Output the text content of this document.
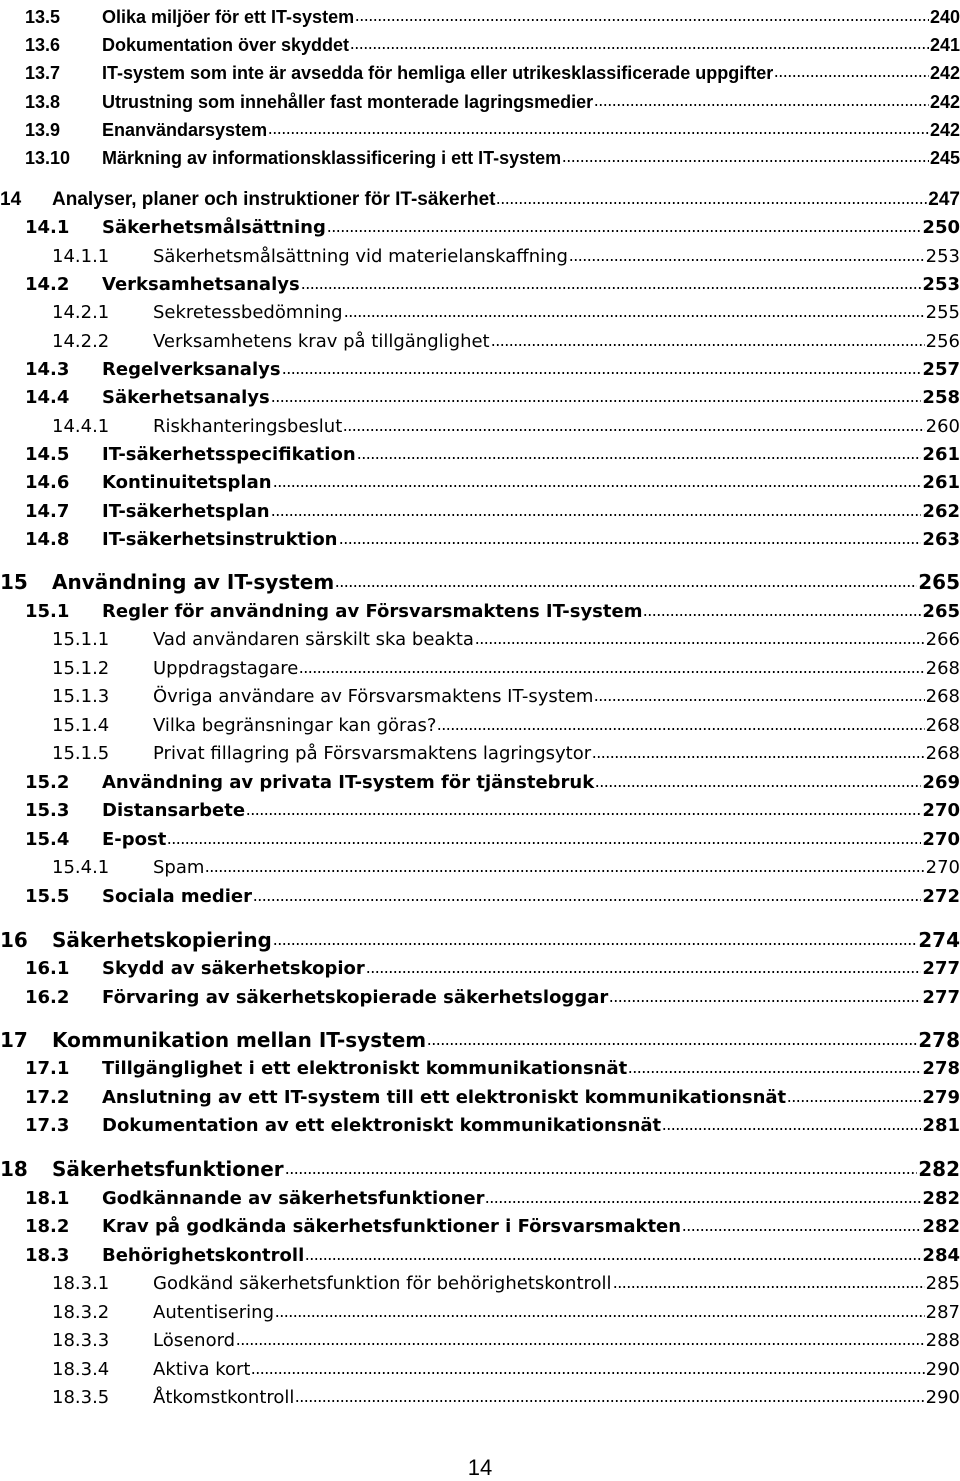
13.5	Olika miljöer för ett IT-system	240
13.6	Dokumentation över skyddet	241
13.7	IT-system som inte är avsedda för hemliga eller utrikesklassificerade uppgifter	242
13.8	Utrustning som innehåller fast monterade lagringsmedier	242
13.9	Enanvändarsystem	242
13.10	Märkning av informationsklassificering i ett IT-system	245
14	Analyser, planer och instruktioner för IT-säkerhet	247
14.1	Säkerhetsmålsättning	250
14.1.1	Säkerhetsmålsättning vid materielanskaffning	253
14.2	Verksamhetsanalys	253
14.2.1	Sekretessbedömning	255
14.2.2	Verksamhetens krav på tillgänglighet	256
14.3	Regelverksanalys	257
14.4	Säkerhetsanalys	258
14.4.1	Riskhanteringsbeslut	260
14.5	IT-säkerhetsspecifikation	261
14.6	Kontinuitetsplan	261
14.7	IT-säkerhetsplan	262
14.8	IT-säkerhetsinstruktion	263
15	Användning av IT-system	265
15.1	Regler för användning av Försvarsmaktens IT-system	265
15.1.1	Vad användaren särskilt ska beakta	266
15.1.2	Uppdragstagare	268
15.1.3	Övriga användare av Försvarsmaktens IT-system	268
15.1.4	Vilka begränsningar kan göras?	268
15.1.5	Privat fillagring på Försvarsmaktens lagringsytor	268
15.2	Användning av privata IT-system för tjänstebruk	269
15.3	Distansarbete	270
15.4	E-post	270
15.4.1	Spam	270
15.5	Sociala medier	272
16	Säkerhetskopiering	274
16.1	Skydd av säkerhetskopior	277
16.2	Förvaring av säkerhetskopierade säkerhetsloggar	277
17	Kommunikation mellan IT-system	278
17.1	Tillgänglighet i ett elektroniskt kommunikationsnät	278
17.2	Anslutning av ett IT-system till ett elektroniskt kommunikationsnät	279
17.3	Dokumentation av ett elektroniskt kommunikationsnät	281
18	Säkerhetsfunktioner	282
18.1	Godkännande av säkerhetsfunktioner	282
18.2	Krav på godkända säkerhetsfunktioner i Försvarsmakten	282
18.3	Behörighetskontroll	284
18.3.1	Godkänd säkerhetsfunktion för behörighetskontroll	285
18.3.2	Autentisering	287
18.3.3	Lösenord	288
18.3.4	Aktiva kort	290
18.3.5	Åtkomstkontroll	290
14
